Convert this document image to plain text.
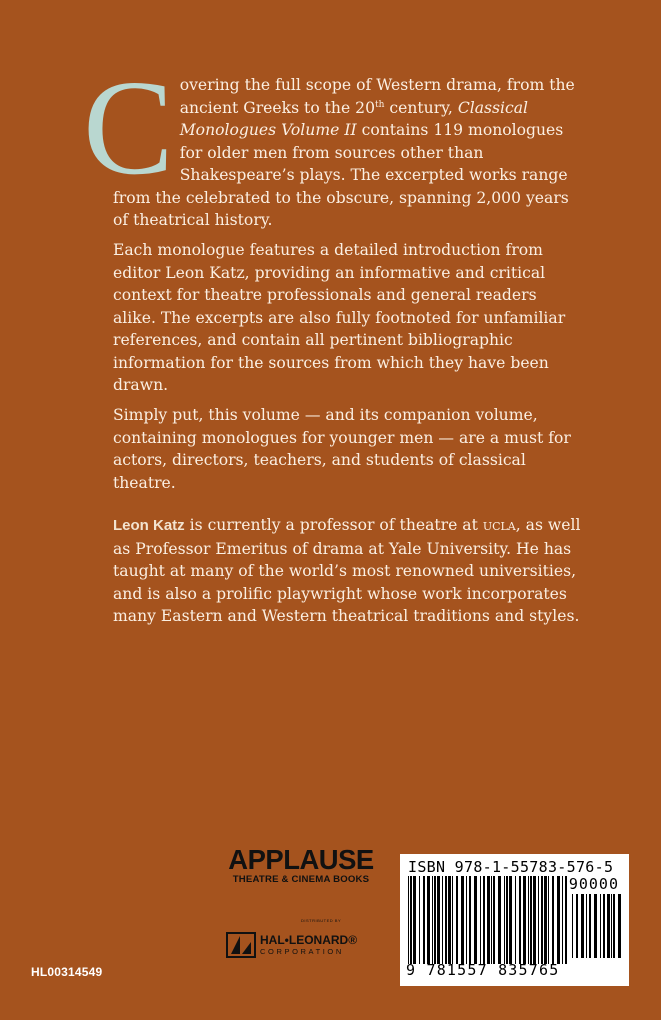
C overing the full scope of Western drama, from the ancient Greeks to the 20th century, Classical Monologues Volume II contains 119 monologues for older men from sources other than Shakespeare’s plays. The excerpted works range from the celebrated to the obscure, spanning 2,000 years of theatrical history.

Each monologue features a detailed introduction from editor Leon Katz, providing an informative and critical context for theatre professionals and general readers alike. The excerpts are also fully footnoted for unfamiliar references, and contain all pertinent bibliographic information for the sources from which they have been drawn.

Simply put, this volume — and its companion volume, containing monologues for younger men — are a must for actors, directors, teachers, and students of classical theatre.

Leon Katz is currently a professor of theatre at ucla, as well as Professor Emeritus of drama at Yale University. He has taught at many of the world’s most renowned universities, and is also a prolific playwright whose work incorporates many Eastern and Western theatrical traditions and styles.

APPLAUSE
THEATRE & CINEMA BOOKS
DISTRIBUTED BY
HAL•LEONARD®
CORPORATION
HL00314549
ISBN 978-1-55783-576-5
90000
9 781557 835765
